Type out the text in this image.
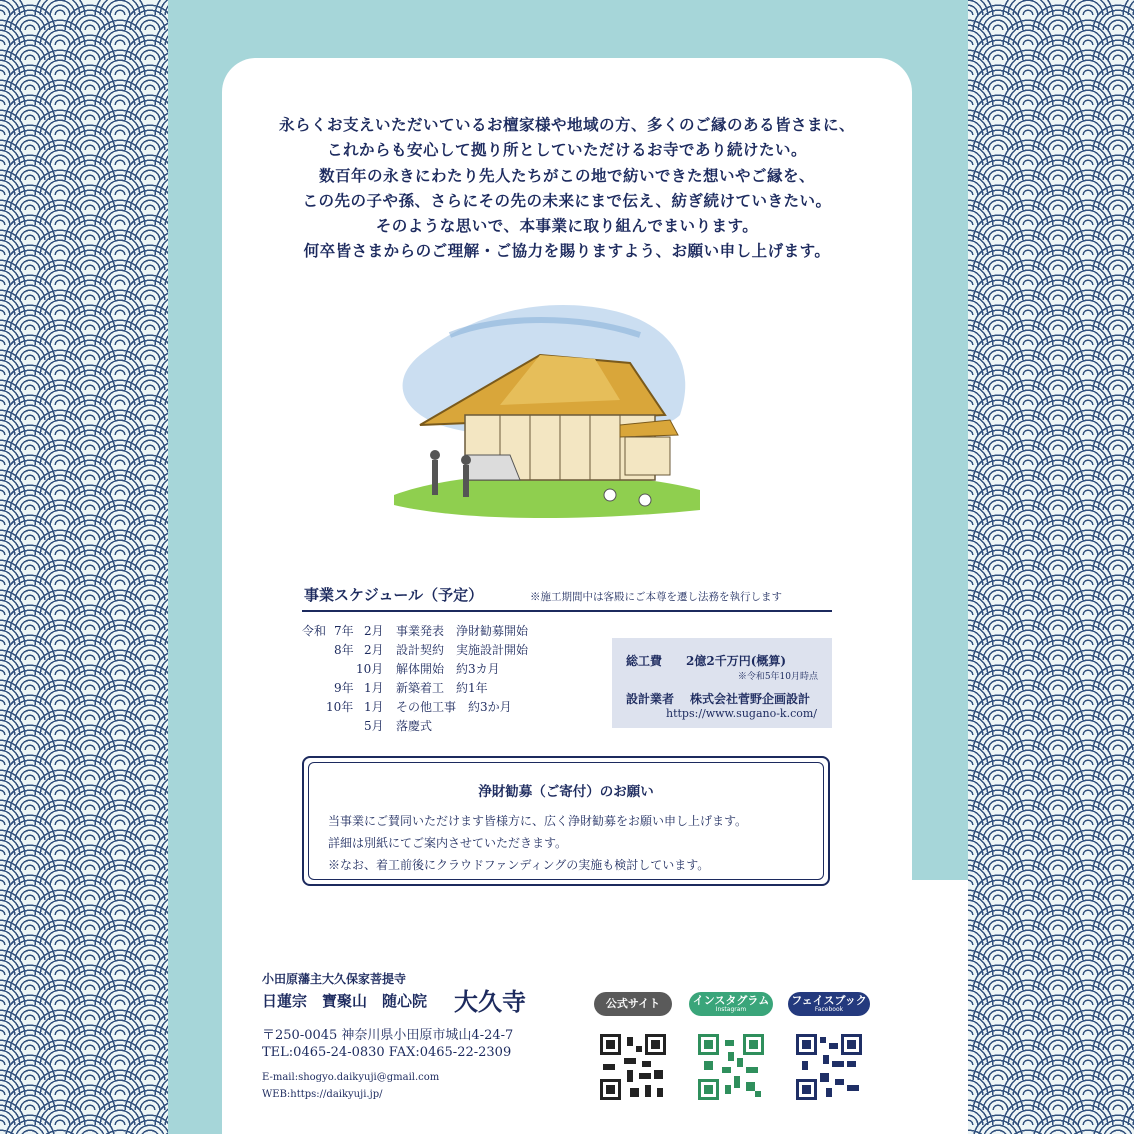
永らくお支えいただいているお檀家様や地域の方、多くのご縁のある皆さまに、
これからも安心して拠り所としていただけるお寺であり続けたい。
数百年の永きにわたり先人たちがこの地で紡いできた想いやご縁を、
この先の子や孫、さらにその先の未来にまで伝え、紡ぎ続けていきたい。
そのような思いで、本事業に取り組んでまいります。
何卒皆さまからのご理解・ご協力を賜りますよう、お願い申し上げます。
事業スケジュール（予定）	※施工期間中は客殿にご本尊を遷し法務を執行します
令和 7年 2月 事業発表　浄財勧募開始
8年 2月 設計契約　実施設計開始
10月 解体開始　約3カ月
9年 1月 新築着工　約1年
10年 1月 その他工事　約3か月
5月 落慶式
総工費 2億2千万円(概算)
※令和5年10月時点
設計業者 株式会社菅野企画設計
https://www.sugano-k.com/
浄財勧募（ご寄付）のお願い
当事業にご賛同いただけます皆様方に、広く浄財勧募をお願い申し上げます。
詳細は別紙にてご案内させていただきます。
※なお、着工前後にクラウドファンディングの実施も検討しています。
小田原藩主大久保家菩提寺
日蓮宗　寶聚山　随心院 大久寺
〒250-0045 神奈川県小田原市城山4-24-7
TEL:0465-24-0830 FAX:0465-22-2309
E-mail:shogyo.daikyuji@gmail.com
WEB:https://daikyuji.jp/
公式サイト	インスタグラム
Instagram
フェイスブック
Facebook
